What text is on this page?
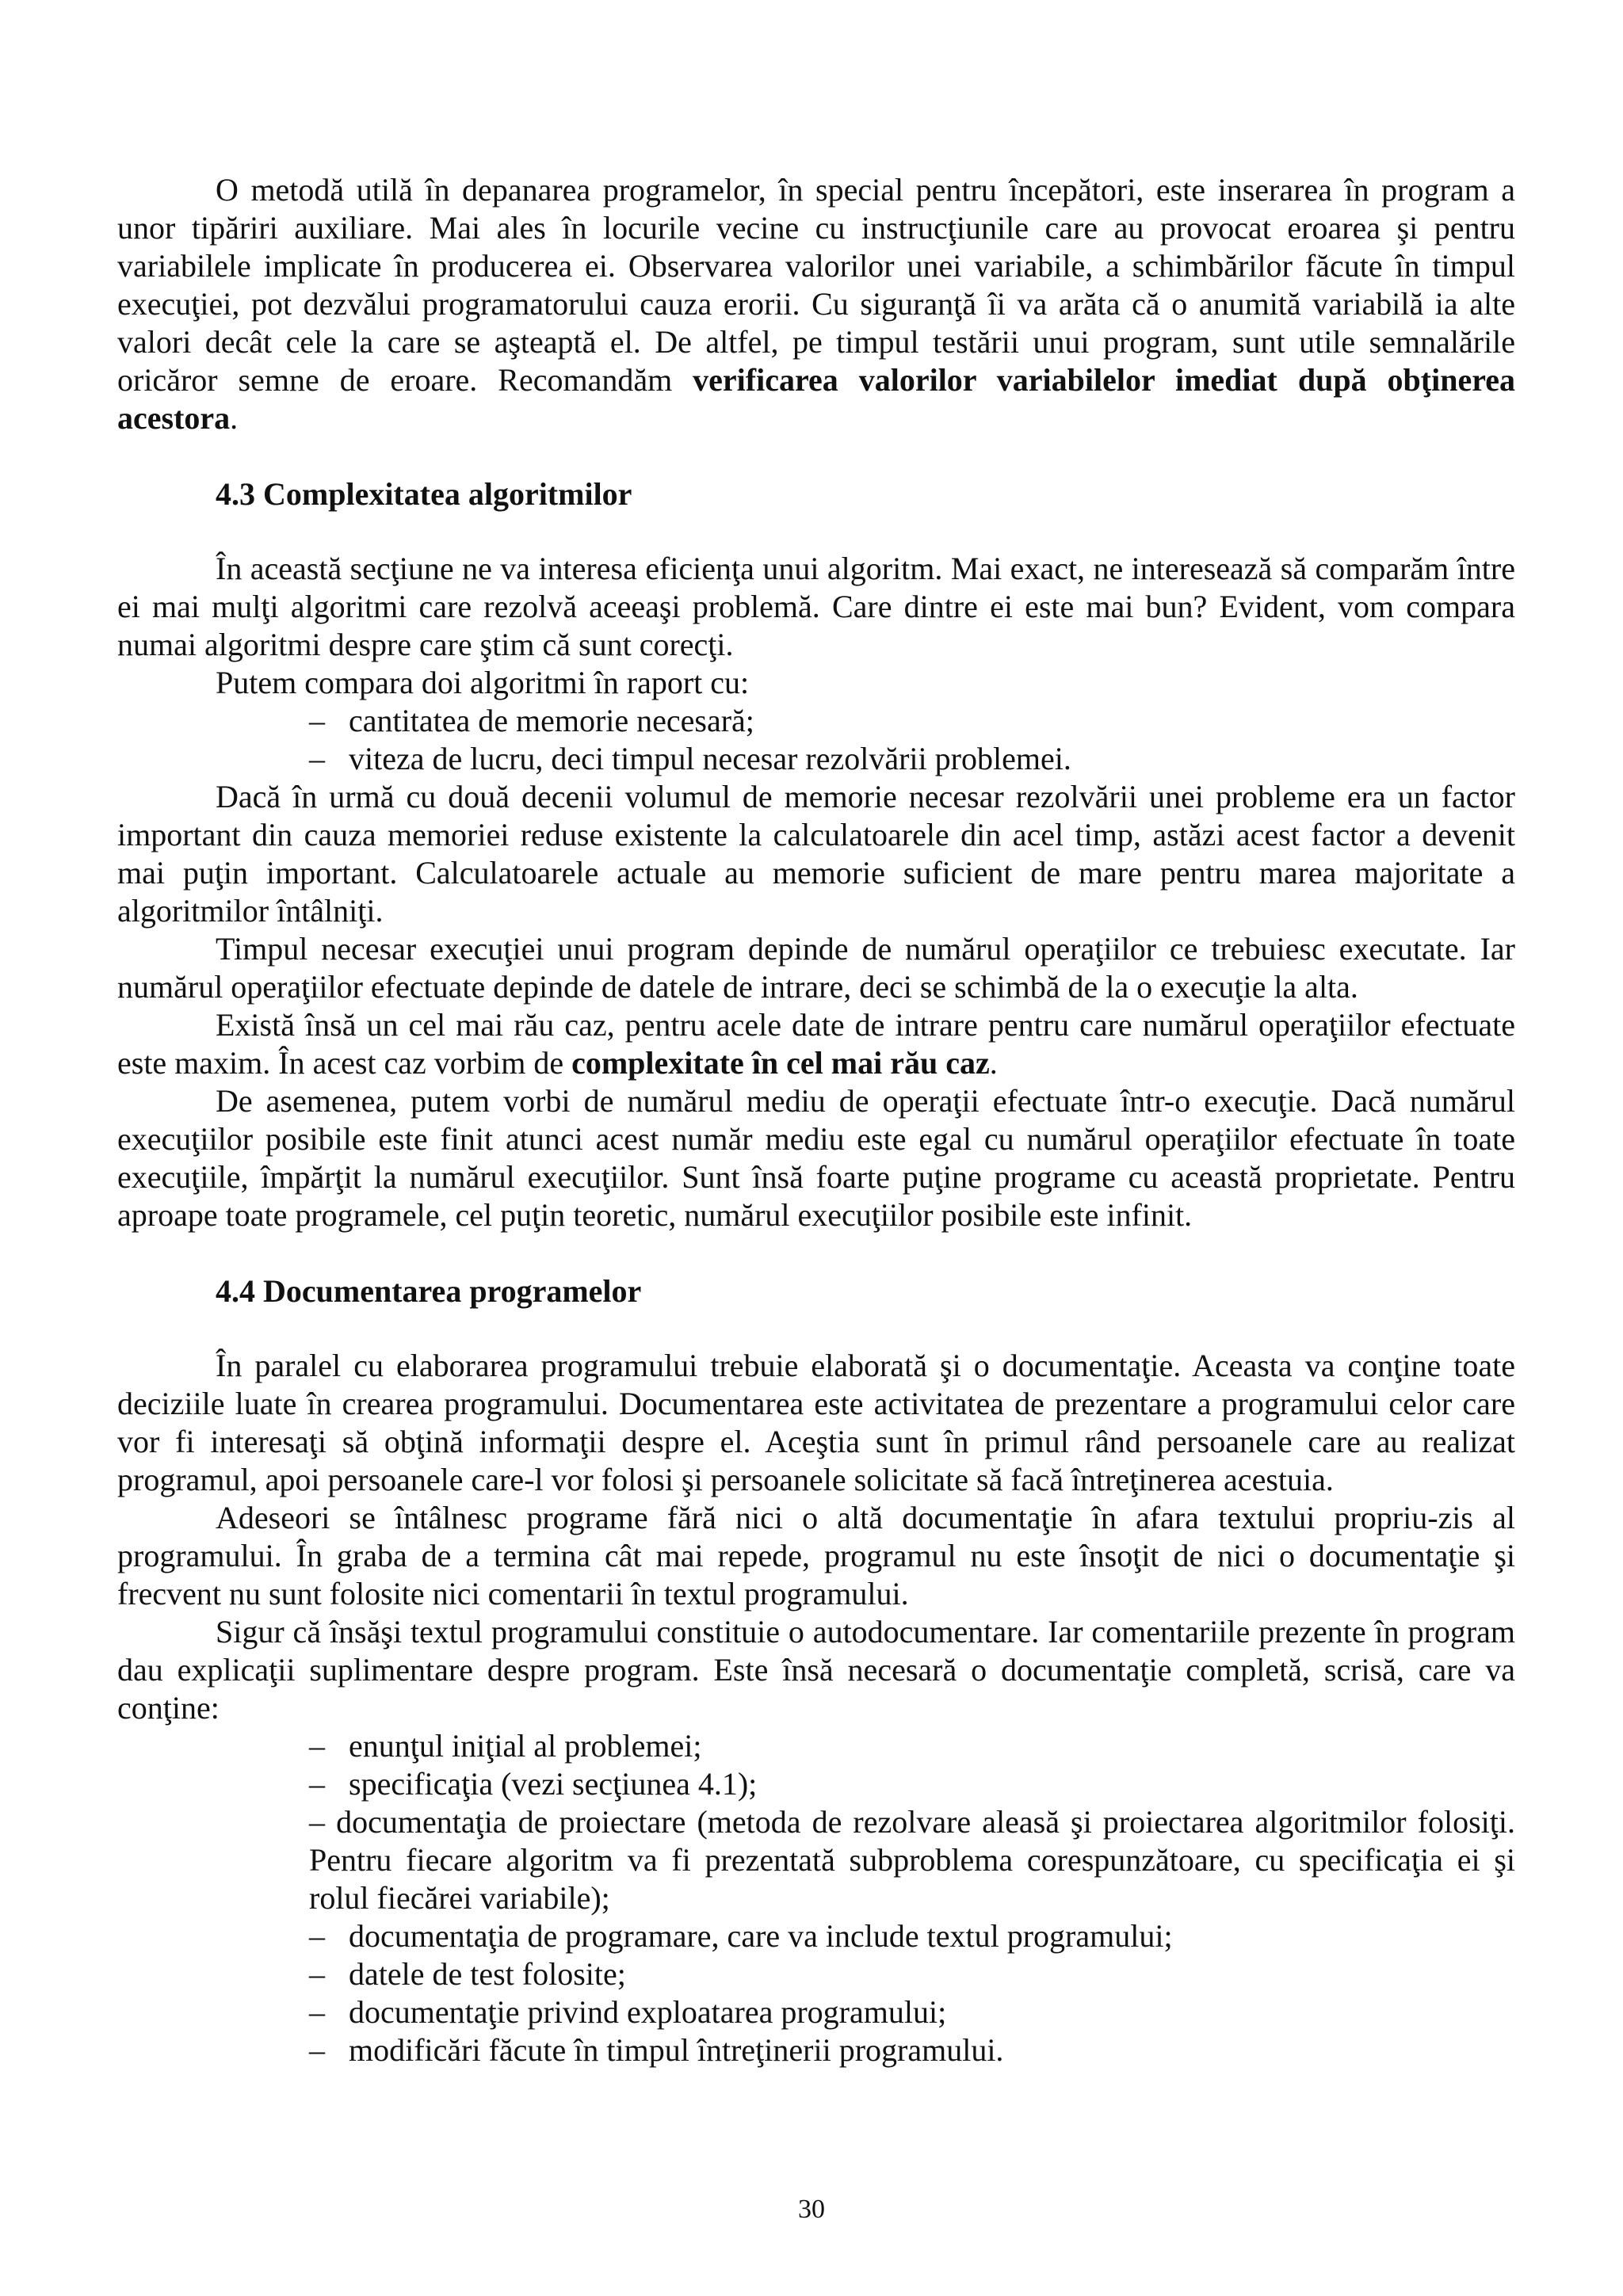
O metodă utilă în depanarea programelor, în special pentru începători, este inserarea în program a unor tipăriri auxiliare. Mai ales în locurile vecine cu instrucţiunile care au provocat eroarea şi pentru variabilele implicate în producerea ei. Observarea valorilor unei variabile, a schimbărilor făcute în timpul execuţiei, pot dezvălui programatorului cauza erorii. Cu siguranţă îi va arăta că o anumită variabilă ia alte valori decât cele la care se aşteaptă el. De altfel, pe timpul testării unui program, sunt utile semnalările oricăror semne de eroare. Recomandăm verificarea valorilor variabilelor imediat după obţinerea acestora.

4.3 Complexitatea algoritmilor

În această secţiune ne va interesa eficienţa unui algoritm. Mai exact, ne interesează să comparăm între ei mai mulţi algoritmi care rezolvă aceeaşi problemă. Care dintre ei este mai bun? Evident, vom compara numai algoritmi despre care ştim că sunt corecţi.

Putem compara doi algoritmi în raport cu:

– cantitatea de memorie necesară;
– viteza de lucru, deci timpul necesar rezolvării problemei.

Dacă în urmă cu două decenii volumul de memorie necesar rezolvării unei probleme era un factor important din cauza memoriei reduse existente la calculatoarele din acel timp, astăzi acest factor a devenit mai puţin important. Calculatoarele actuale au memorie suficient de mare pentru marea majoritate a algoritmilor întâlniţi.

Timpul necesar execuţiei unui program depinde de numărul operaţiilor ce trebuiesc executate. Iar numărul operaţiilor efectuate depinde de datele de intrare, deci se schimbă de la o execuţie la alta.

Există însă un cel mai rău caz, pentru acele date de intrare pentru care numărul operaţiilor efectuate este maxim. În acest caz vorbim de complexitate în cel mai rău caz.

De asemenea, putem vorbi de numărul mediu de operaţii efectuate într-o execuţie. Dacă numărul execuţiilor posibile este finit atunci acest număr mediu este egal cu numărul operaţiilor efectuate în toate execuţiile, împărţit la numărul execuţiilor. Sunt însă foarte puţine programe cu această proprietate. Pentru aproape toate programele, cel puţin teoretic, numărul execuţiilor posibile este infinit.

4.4 Documentarea programelor

În paralel cu elaborarea programului trebuie elaborată şi o documentaţie. Aceasta va conţine toate deciziile luate în crearea programului. Documentarea este activitatea de prezentare a programului celor care vor fi interesaţi să obţină informaţii despre el. Aceştia sunt în primul rând persoanele care au realizat programul, apoi persoanele care-l vor folosi şi persoanele solicitate să facă întreţinerea acestuia.

Adeseori se întâlnesc programe fără nici o altă documentaţie în afara textului propriu-zis al programului. În graba de a termina cât mai repede, programul nu este însoţit de nici o documentaţie şi frecvent nu sunt folosite nici comentarii în textul programului.

Sigur că însăşi textul programului constituie o autodocumentare. Iar comentariile prezente în program dau explicaţii suplimentare despre program. Este însă necesară o documentaţie completă, scrisă, care va conţine:

– enunţul iniţial al problemei;
– specificaţia (vezi secţiunea 4.1);
– documentaţia de proiectare (metoda de rezolvare aleasă şi proiectarea algoritmilor folosiţi. Pentru fiecare algoritm va fi prezentată subproblema corespunzătoare, cu specificaţia ei şi rolul fiecărei variabile);
– documentaţia de programare, care va include textul programului;
– datele de test folosite;
– documentaţie privind exploatarea programului;
– modificări făcute în timpul întreţinerii programului.
30
